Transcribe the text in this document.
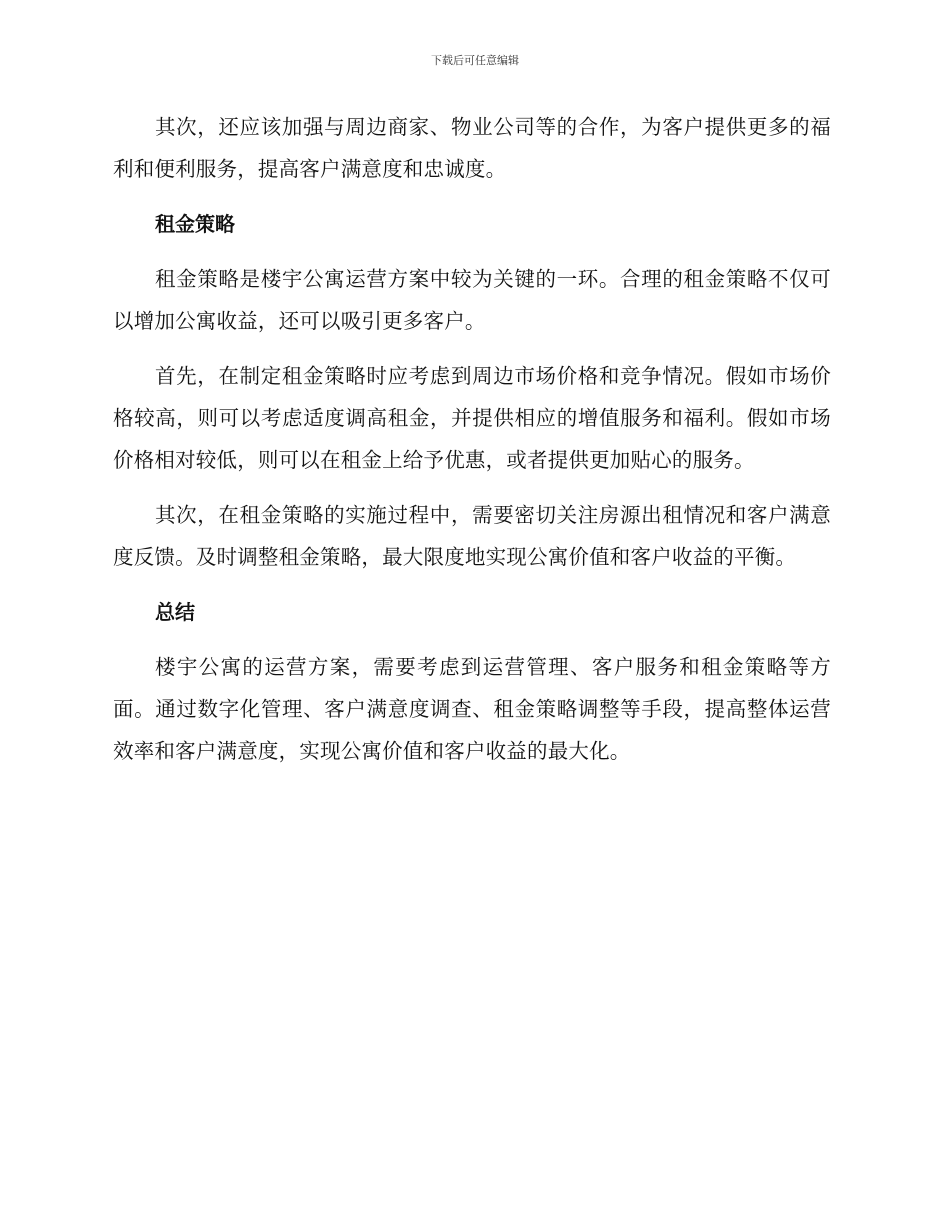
下载后可任意编辑

其次，还应该加强与周边商家、物业公司等的合作，为客户提供更多的福利和便利服务，提高客户满意度和忠诚度。

租金策略

租金策略是楼宇公寓运营方案中较为关键的一环。合理的租金策略不仅可以增加公寓收益，还可以吸引更多客户。

首先，在制定租金策略时应考虑到周边市场价格和竞争情况。假如市场价格较高，则可以考虑适度调高租金，并提供相应的增值服务和福利。假如市场价格相对较低，则可以在租金上给予优惠，或者提供更加贴心的服务。

其次，在租金策略的实施过程中，需要密切关注房源出租情况和客户满意度反馈。及时调整租金策略，最大限度地实现公寓价值和客户收益的平衡。

总结

楼宇公寓的运营方案，需要考虑到运营管理、客户服务和租金策略等方面。通过数字化管理、客户满意度调查、租金策略调整等手段，提高整体运营效率和客户满意度，实现公寓价值和客户收益的最大化。
